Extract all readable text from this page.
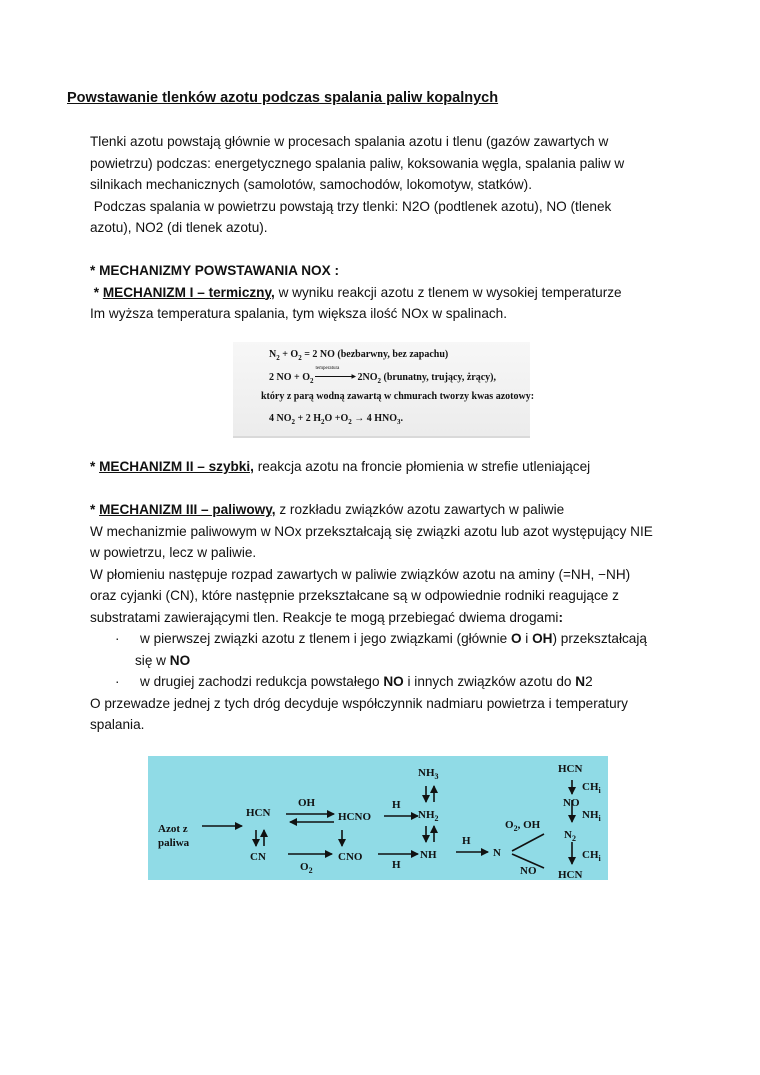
Powstawanie tlenków azotu podczas spalania paliw kopalnych
Tlenki azotu powstają głównie w procesach spalania azotu i tlenu (gazów zawartych w
powietrzu) podczas: energetycznego spalania paliw, koksowania węgla, spalania paliw w
silnikach mechanicznych (samolotów, samochodów, lokomotyw, statków).
Podczas spalania w powietrzu powstają trzy tlenki: N2O (podtlenek azotu), NO (tlenek
azotu), NO2 (di tlenek azotu).
* MECHANIZMY POWSTAWANIA NOX :
* MECHANIZM I – termiczny, w wyniku reakcji azotu z tlenem w wysokiej temperaturze
Im wyższa temperatura spalania, tym większa ilość NOx w spalinach.
$N_2 + O_2 = 2$ NO (bezbarwny, bez zapachu)
2 NO + $O_2$
temperatura
▶ $2NO_2$ (brunatny, trujący, żrący),
który z parą wodną zawartą w chmurach tworzy kwas azotowy:
4 $NO_2 + 2$ $H_2O +O_2 \to 4$ $HNO_3$.
* MECHANIZM II – szybki, reakcja azotu na froncie płomienia w strefie utleniającej
* MECHANIZM III – paliwowy, z rozkładu związków azotu zawartych w paliwie
W mechanizmie paliwowym w NOx przekształcają się związki azotu lub azot występujący NIE
w powietrzu, lecz w paliwie.
W płomieniu następuje rozpad zawartych w paliwie związków azotu na aminy (=NH, −NH)
oraz cyjanki (CN), które następnie przekształcane są w odpowiednie rodniki reagujące z
substratami zawierającymi tlen. Reakcje te mogą przebiegać dwiema drogami:
· w pierwszej związki azotu z tlenem i jego związkami (głównie O i OH) przekształcają
się w NO
· w drugiej zachodzi redukcja powstałego NO i innych związków azotu do N2
O przewadze jednej z tych dróg decyduje współczynnik nadmiaru powietrza i temperatury
spalania.
Azot z
paliwa
HCN
CN
OH
$O_2$
HCNO
CNO
H
H
$NH_3$
$NH_2$
NH
H
N
$O_2$, OH
NO
HCN
$CH_i$
NO
$NH_i$
$N_2$
$CH_i$
HCN
